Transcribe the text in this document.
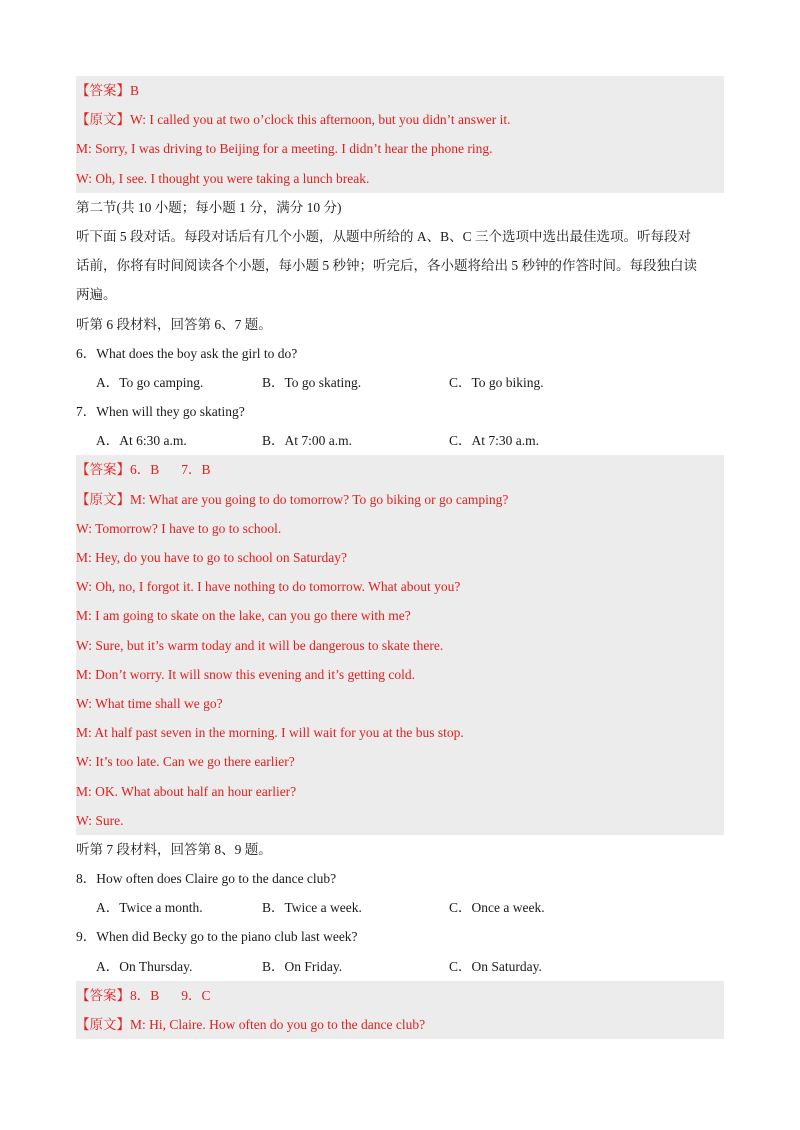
【答案】B
【原文】W: I called you at two o’clock this afternoon, but you didn’t answer it.
M: Sorry, I was driving to Beijing for a meeting. I didn’t hear the phone ring.
W: Oh, I see. I thought you were taking a lunch break.
第二节(共 10 小题；每小题 1 分，满分 10 分)
听下面 5 段对话。每段对话后有几个小题，从题中所给的 A、B、C 三个选项中选出最佳选项。听每段对
话前，你将有时间阅读各个小题，每小题 5 秒钟；听完后，各小题将给出 5 秒钟的作答时间。每段独白读
两遍。
听第 6 段材料，回答第 6、7 题。
6．What does the boy ask the girl to do?
A．To go camping.	B．To go skating.	C．To go biking.
7．When will they go skating?
A．At 6:30 a.m.	B．At 7:00 a.m.	C．At 7:30 a.m.
【答案】6．B 7．B
【原文】M: What are you going to do tomorrow? To go biking or go camping?
W: Tomorrow? I have to go to school.
M: Hey, do you have to go to school on Saturday?
W: Oh, no, I forgot it. I have nothing to do tomorrow. What about you?
M: I am going to skate on the lake, can you go there with me?
W: Sure, but it’s warm today and it will be dangerous to skate there.
M: Don’t worry. It will snow this evening and it’s getting cold.
W: What time shall we go?
M: At half past seven in the morning. I will wait for you at the bus stop.
W: It’s too late. Can we go there earlier?
M: OK. What about half an hour earlier?
W: Sure.
听第 7 段材料，回答第 8、9 题。
8．How often does Claire go to the dance club?
A．Twice a month.	B．Twice a week.	C．Once a week.
9．When did Becky go to the piano club last week?
A．On Thursday.	B．On Friday.	C．On Saturday.
【答案】8．B 9．C
【原文】M: Hi, Claire. How often do you go to the dance club?
